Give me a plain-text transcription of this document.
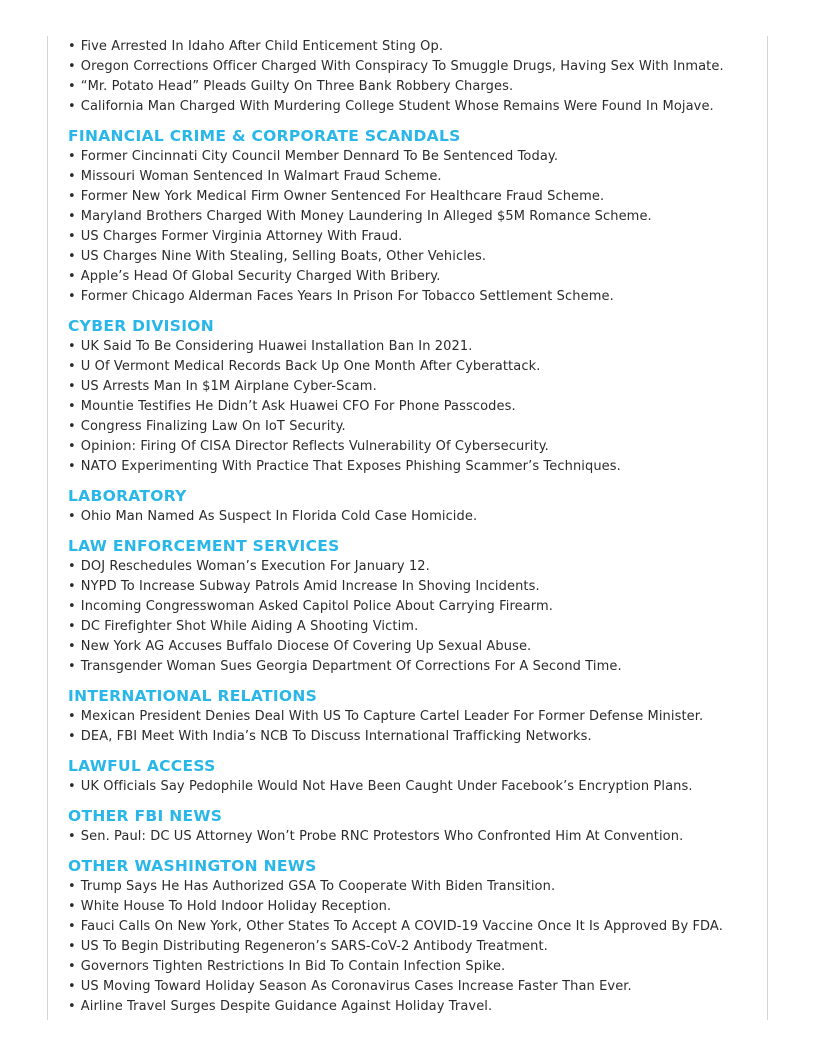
• Five Arrested In Idaho After Child Enticement Sting Op.
• Oregon Corrections Officer Charged With Conspiracy To Smuggle Drugs, Having Sex With Inmate.
• “Mr. Potato Head” Pleads Guilty On Three Bank Robbery Charges.
• California Man Charged With Murdering College Student Whose Remains Were Found In Mojave.
FINANCIAL CRIME & CORPORATE SCANDALS
• Former Cincinnati City Council Member Dennard To Be Sentenced Today.
• Missouri Woman Sentenced In Walmart Fraud Scheme.
• Former New York Medical Firm Owner Sentenced For Healthcare Fraud Scheme.
• Maryland Brothers Charged With Money Laundering In Alleged $5M Romance Scheme.
• US Charges Former Virginia Attorney With Fraud.
• US Charges Nine With Stealing, Selling Boats, Other Vehicles.
• Apple’s Head Of Global Security Charged With Bribery.
• Former Chicago Alderman Faces Years In Prison For Tobacco Settlement Scheme.
CYBER DIVISION
• UK Said To Be Considering Huawei Installation Ban In 2021.
• U Of Vermont Medical Records Back Up One Month After Cyberattack.
• US Arrests Man In $1M Airplane Cyber-Scam.
• Mountie Testifies He Didn’t Ask Huawei CFO For Phone Passcodes.
• Congress Finalizing Law On IoT Security.
• Opinion: Firing Of CISA Director Reflects Vulnerability Of Cybersecurity.
• NATO Experimenting With Practice That Exposes Phishing Scammer’s Techniques.
LABORATORY
• Ohio Man Named As Suspect In Florida Cold Case Homicide.
LAW ENFORCEMENT SERVICES
• DOJ Reschedules Woman’s Execution For January 12.
• NYPD To Increase Subway Patrols Amid Increase In Shoving Incidents.
• Incoming Congresswoman Asked Capitol Police About Carrying Firearm.
• DC Firefighter Shot While Aiding A Shooting Victim.
• New York AG Accuses Buffalo Diocese Of Covering Up Sexual Abuse.
• Transgender Woman Sues Georgia Department Of Corrections For A Second Time.
INTERNATIONAL RELATIONS
• Mexican President Denies Deal With US To Capture Cartel Leader For Former Defense Minister.
• DEA, FBI Meet With India’s NCB To Discuss International Trafficking Networks.
LAWFUL ACCESS
• UK Officials Say Pedophile Would Not Have Been Caught Under Facebook’s Encryption Plans.
OTHER FBI NEWS
• Sen. Paul: DC US Attorney Won’t Probe RNC Protestors Who Confronted Him At Convention.
OTHER WASHINGTON NEWS
• Trump Says He Has Authorized GSA To Cooperate With Biden Transition.
• White House To Hold Indoor Holiday Reception.
• Fauci Calls On New York, Other States To Accept A COVID-19 Vaccine Once It Is Approved By FDA.
• US To Begin Distributing Regeneron’s SARS-CoV-2 Antibody Treatment.
• Governors Tighten Restrictions In Bid To Contain Infection Spike.
• US Moving Toward Holiday Season As Coronavirus Cases Increase Faster Than Ever.
• Airline Travel Surges Despite Guidance Against Holiday Travel.
